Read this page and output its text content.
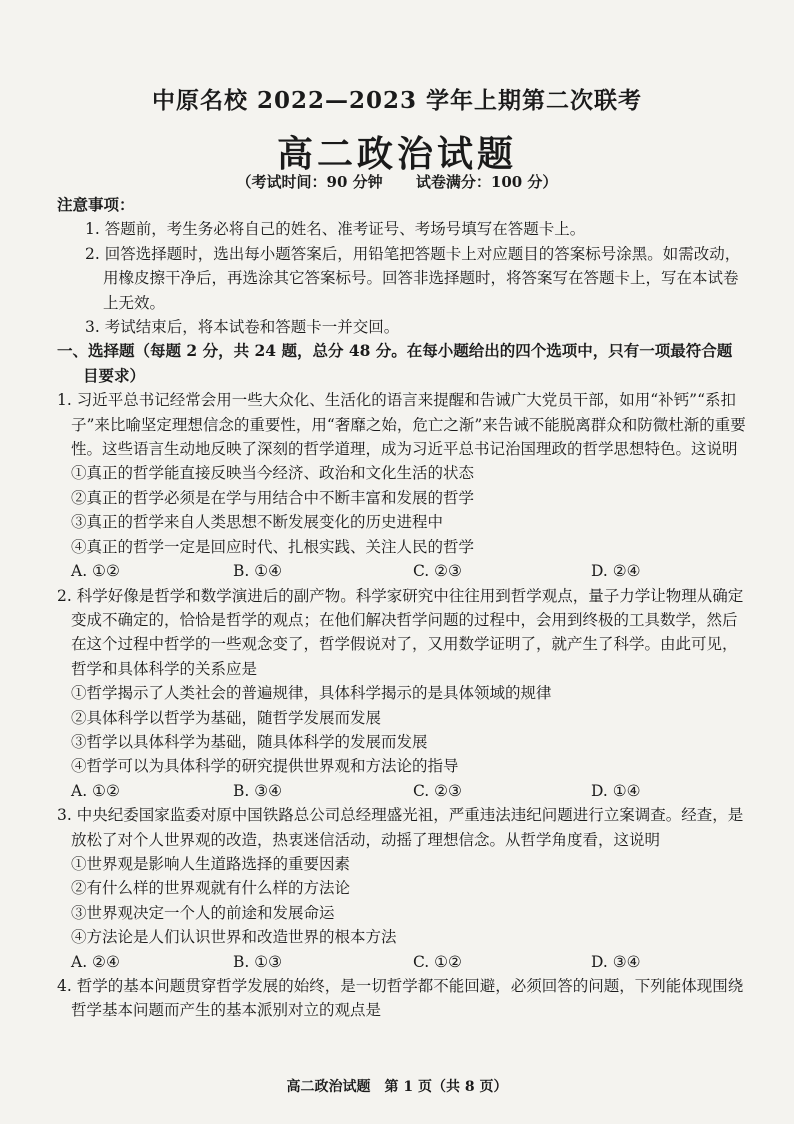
中原名校 2022—2023 学年上期第二次联考
高二政治试题
（考试时间：90 分钟 试卷满分：100 分）
注意事项：
1. 答题前，考生务必将自己的姓名、准考证号、考场号填写在答题卡上。
2. 回答选择题时，选出每小题答案后，用铅笔把答题卡上对应题目的答案标号涂黑。如需改动，用橡皮擦干净后，再选涂其它答案标号。回答非选择题时，将答案写在答题卡上，写在本试卷上无效。
3. 考试结束后，将本试卷和答题卡一并交回。
一、选择题（每题 2 分，共 24 题，总分 48 分。在每小题给出的四个选项中，只有一项最符合题
目要求）
1. 习近平总书记经常会用一些大众化、生活化的语言来提醒和告诫广大党员干部，如用“补钙”“系扣子”来比喻坚定理想信念的重要性，用“奢靡之始，危亡之渐”来告诫不能脱离群众和防微杜渐的重要性。这些语言生动地反映了深刻的哲学道理，成为习近平总书记治国理政的哲学思想特色。这说明
①真正的哲学能直接反映当今经济、政治和文化生活的状态
②真正的哲学必须是在学与用结合中不断丰富和发展的哲学
③真正的哲学来自人类思想不断发展变化的历史进程中
④真正的哲学一定是回应时代、扎根实践、关注人民的哲学
A. ①②	B. ①④	C. ②③	D. ②④
2. 科学好像是哲学和数学演进后的副产物。科学家研究中往往用到哲学观点，量子力学让物理从确定变成不确定的，恰恰是哲学的观点；在他们解决哲学问题的过程中，会用到终极的工具数学，然后在这个过程中哲学的一些观念变了，哲学假说对了，又用数学证明了，就产生了科学。由此可见，哲学和具体科学的关系应是
①哲学揭示了人类社会的普遍规律，具体科学揭示的是具体领域的规律
②具体科学以哲学为基础，随哲学发展而发展
③哲学以具体科学为基础，随具体科学的发展而发展
④哲学可以为具体科学的研究提供世界观和方法论的指导
A. ①②	B. ③④	C. ②③	D. ①④
3. 中央纪委国家监委对原中国铁路总公司总经理盛光祖，严重违法违纪问题进行立案调查。经查，是放松了对个人世界观的改造，热衷迷信活动，动摇了理想信念。从哲学角度看，这说明
①世界观是影响人生道路选择的重要因素
②有什么样的世界观就有什么样的方法论
③世界观决定一个人的前途和发展命运
④方法论是人们认识世界和改造世界的根本方法
A. ②④	B. ①③	C. ①②	D. ③④
4. 哲学的基本问题贯穿哲学发展的始终，是一切哲学都不能回避，必须回答的问题，下列能体现围绕哲学基本问题而产生的基本派别对立的观点是
高二政治试题　第 1 页（共 8 页）
